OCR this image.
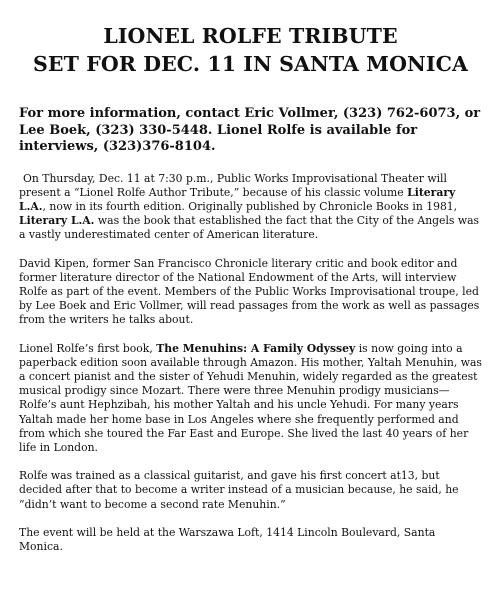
LIONEL ROLFE TRIBUTE
SET FOR DEC. 11 IN SANTA MONICA

For more information, contact Eric Vollmer, (323) 762-6073, or Lee Boek, (323) 330-5448. Lionel Rolfe is available for interviews, (323)376-8104.

On Thursday, Dec. 11 at 7:30 p.m., Public Works Improvisational Theater will present a “Lionel Rolfe Author Tribute,” because of his classic volume Literary L.A., now in its fourth edition. Originally published by Chronicle Books in 1981, Literary L.A. was the book that established the fact that the City of the Angels was a vastly underestimated center of American literature.

David Kipen, former San Francisco Chronicle literary critic and book editor and former literature director of the National Endowment of the Arts, will interview Rolfe as part of the event. Members of the Public Works Improvisational troupe, led by Lee Boek and Eric Vollmer, will read passages from the work as well as passages from the writers he talks about.

Lionel Rolfe’s first book, The Menuhins: A Family Odyssey is now going into a paperback edition soon available through Amazon. His mother, Yaltah Menuhin, was a concert pianist and the sister of Yehudi Menuhin, widely regarded as the greatest musical prodigy since Mozart. There were three Menuhin prodigy musicians—Rolfe’s aunt Hephzibah, his mother Yaltah and his uncle Yehudi. For many years Yaltah made her home base in Los Angeles where she frequently performed and from which she toured the Far East and Europe. She lived the last 40 years of her life in London.

Rolfe was trained as a classical guitarist, and gave his first concert at13, but decided after that to become a writer instead of a musician because, he said, he “didn’t want to become a second rate Menuhin.”

The event will be held at the Warszawa Loft, 1414 Lincoln Boulevard, Santa Monica.
